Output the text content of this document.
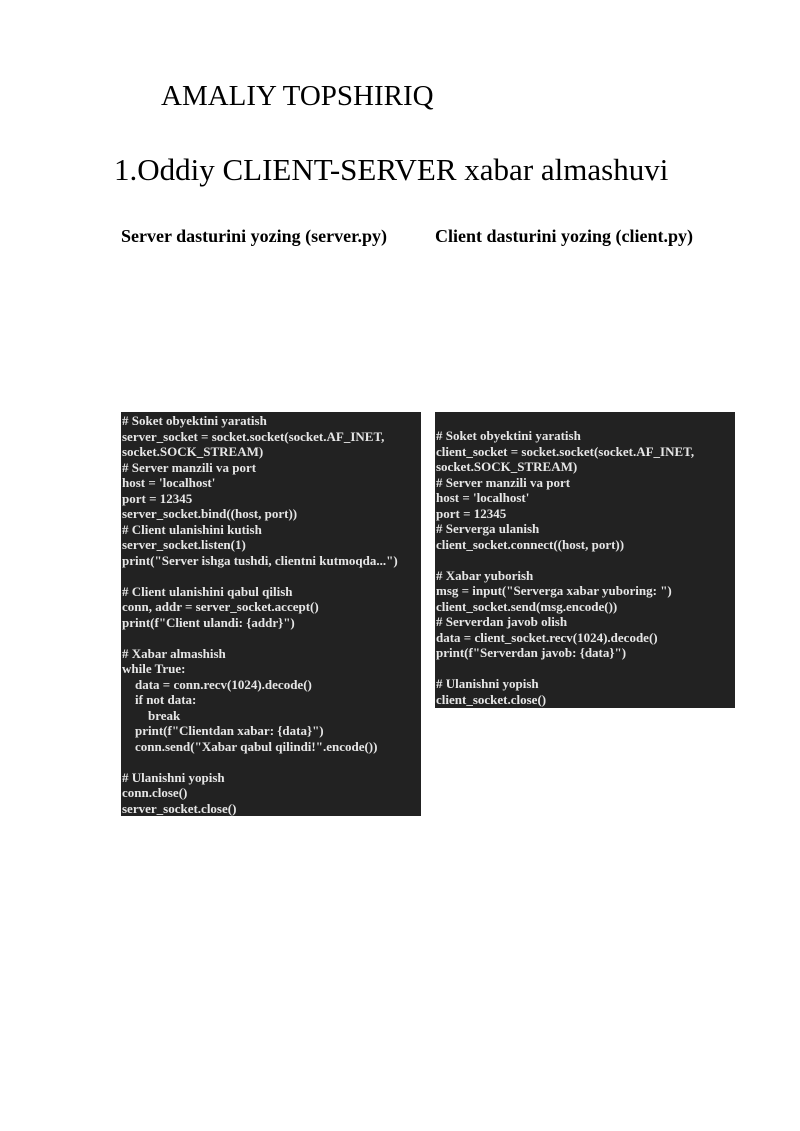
AMALIY TOPSHIRIQ
1.Oddiy CLIENT-SERVER xabar almashuvi

Server dasturini yozing (server.py)	Client dasturini yozing (client.py)

# Soket obyektini yaratish
server_socket = socket.socket(socket.AF_INET,
socket.SOCK_STREAM)
# Server manzili va port
host = 'localhost'
port = 12345
server_socket.bind((host, port))
# Client ulanishini kutish
server_socket.listen(1)
print("Server ishga tushdi, clientni kutmoqda...")
# Client ulanishini qabul qilish
conn, addr = server_socket.accept()
print(f"Client ulandi: {addr}")
# Xabar almashish
while True:
data = conn.recv(1024).decode()
if not data:
break
print(f"Clientdan xabar: {data}")
conn.send("Xabar qabul qilindi!".encode())
# Ulanishni yopish
conn.close()
server_socket.close()
# Soket obyektini yaratish
client_socket = socket.socket(socket.AF_INET,
socket.SOCK_STREAM)
# Server manzili va port
host = 'localhost'
port = 12345
# Serverga ulanish
client_socket.connect((host, port))
# Xabar yuborish
msg = input("Serverga xabar yuboring: ")
client_socket.send(msg.encode())
# Serverdan javob olish
data = client_socket.recv(1024).decode()
print(f"Serverdan javob: {data}")
# Ulanishni yopish
client_socket.close()
